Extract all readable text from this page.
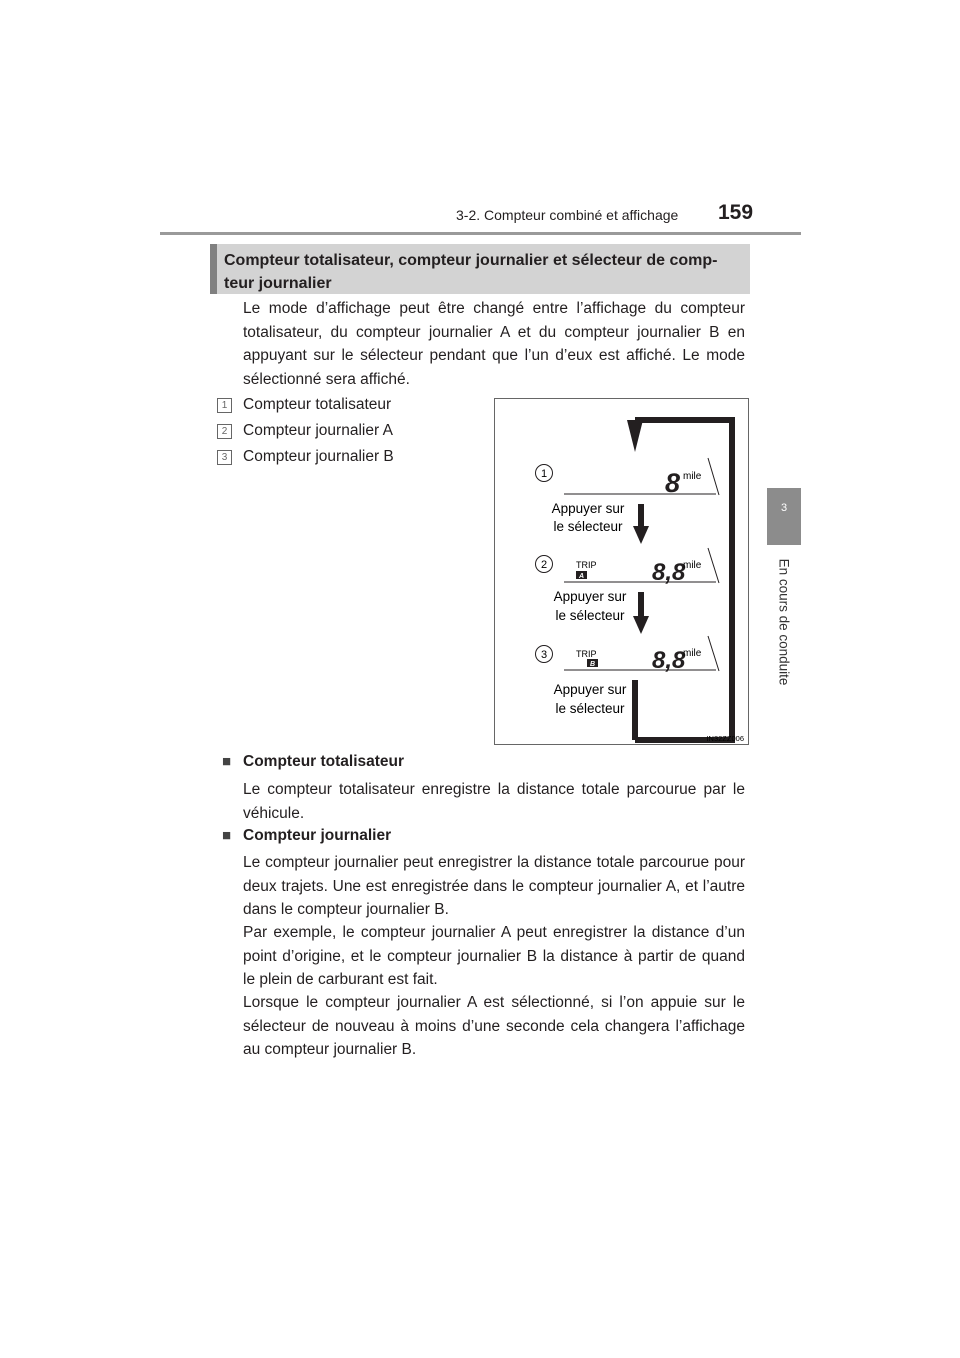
3-2. Compteur combiné et affichage 159
3
En cours de conduite
Compteur totalisateur, compteur journalier et sélecteur de comp-teur journalier
Le mode d’affichage peut être changé entre l’affichage du compteur totalisateur, du compteur journalier A et du compteur journalier B en appuyant sur le sélecteur pendant que l’un d’eux est affiché. Le mode sélectionné sera affiché.
1	Compteur totalisateur
2	Compteur journalier A
3	Compteur journalier B
1	8 mile
Appuyer sur
le sélecteur
2	TRIP
A	8,8
mile
Appuyer sur
le sélecteur
3	TRIP
B 8,8
mile
Appuyer sur
le sélecteur
IN32ZZ006
■ Compteur totalisateur
Le compteur totalisateur enregistre la distance totale parcourue par le véhicule.
■ Compteur journalier
Le compteur journalier peut enregistrer la distance totale parcourue pour deux trajets. Une est enregistrée dans le compteur journalier A, et l’autre dans le compteur journalier B.
Par exemple, le compteur journalier A peut enregistrer la distance d’un point d’origine, et le compteur journalier B la distance à partir de quand le plein de carburant est fait.
Lorsque le compteur journalier A est sélectionné, si l’on appuie sur le sélecteur de nouveau à moins d’une seconde cela changera l’affichage au compteur journalier B.
